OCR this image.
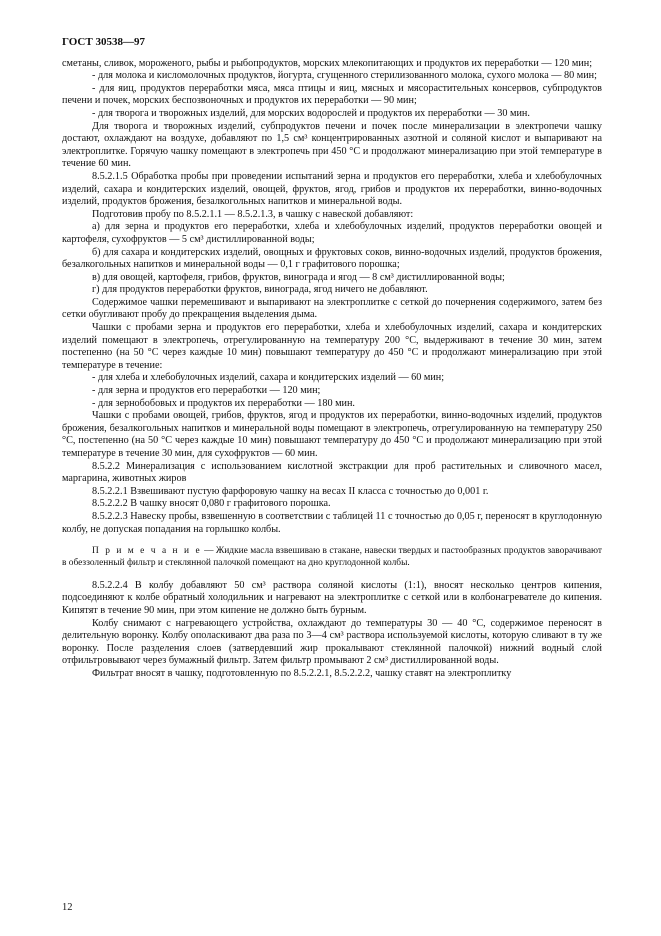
ГОСТ 30538—97

сметаны, сливок, мороженого, рыбы и рыбопродуктов, морских млекопитающих и продуктов их переработки — 120 мин;

- для молока и кисломолочных продуктов, йогурта, сгущенного стерилизованного молока, сухого молока — 80 мин;

- для яиц, продуктов переработки мяса, мяса птицы и яиц, мясных и мясорастительных консервов, субпродуктов печени и почек, морских беспозвоночных и продуктов их переработки — 90 мин;

- для творога и творожных изделий, для морских водорослей и продуктов их переработки — 30 мин.

Для творога и творожных изделий, субпродуктов печени и почек после минерализации в электропечи чашку достают, охлаждают на воздухе, добавляют по 1,5 см³ концентрированных азотной и соляной кислот и выпаривают на электроплитке. Горячую чашку помещают в электропечь при 450 °С и продолжают минерализацию при этой температуре в течение 60 мин.

8.5.2.1.5 Обработка пробы при проведении испытаний зерна и продуктов его переработки, хлеба и хлебобулочных изделий, сахара и кондитерских изделий, овощей, фруктов, ягод, грибов и продуктов их переработки, винно-водочных изделий, продуктов брожения, безалкогольных напитков и минеральной воды.

Подготовив пробу по 8.5.2.1.1 — 8.5.2.1.3, в чашку с навеской добавляют:

а) для зерна и продуктов его переработки, хлеба и хлебобулочных изделий, продуктов переработки овощей и картофеля, сухофруктов — 5 см³ дистиллированной воды;

б) для сахара и кондитерских изделий, овощных и фруктовых соков, винно-водочных изделий, продуктов брожения, безалкогольных напитков и минеральной воды — 0,1 г графитового порошка;

в) для овощей, картофеля, грибов, фруктов, винограда и ягод — 8 см³ дистиллированной воды;

г) для продуктов переработки фруктов, винограда, ягод ничего не добавляют.

Содержимое чашки перемешивают и выпаривают на электроплитке с сеткой до почернения содержимого, затем без сетки обугливают пробу до прекращения выделения дыма.

Чашки с пробами зерна и продуктов его переработки, хлеба и хлебобулочных изделий, сахара и кондитерских изделий помещают в электропечь, отрегулированную на температуру 200 °С, выдерживают в течение 30 мин, затем постепенно (на 50 °С через каждые 10 мин) повышают температуру до 450 °С и продолжают минерализацию при этой температуре в течение:

- для хлеба и хлебобулочных изделий, сахара и кондитерских изделий — 60 мин;

- для зерна и продуктов его переработки — 120 мин;

- для зернобобовых и продуктов их переработки — 180 мин.

Чашки с пробами овощей, грибов, фруктов, ягод и продуктов их переработки, винно-водочных изделий, продуктов брожения, безалкогольных напитков и минеральной воды помещают в электропечь, отрегулированную на температуру 250 °С, постепенно (на 50 °С через каждые 10 мин) повышают температуру до 450 °С и продолжают минерализацию при этой температуре в течение 30 мин, для сухофруктов — 60 мин.

8.5.2.2 Минерализация с использованием кислотной экстракции для проб растительных и сливочного масел, маргарина, животных жиров

8.5.2.2.1 Взвешивают пустую фарфоровую чашку на весах II класса с точностью до 0,001 г.

8.5.2.2.2 В чашку вносят 0,080 г графитового порошка.

8.5.2.2.3 Навеску пробы, взвешенную в соответствии с таблицей 11 с точностью до 0,05 г, переносят в круглодонную колбу, не допуская попадания на горлышко колбы.

П р и м е ч а н и е — Жидкие масла взвешиваю в стакане, навески твердых и пастообразных продуктов заворачивают в обеззоленный фильтр и стеклянной палочкой помещают на дно круглодонной колбы.

8.5.2.2.4 В колбу добавляют 50 см³ раствора соляной кислоты (1:1), вносят несколько центров кипения, подсоединяют к колбе обратный холодильник и нагревают на электроплитке с сеткой или в колбонагревателе до кипения. Кипятят в течение 90 мин, при этом кипение не должно быть бурным.

Колбу снимают с нагревающего устройства, охлаждают до температуры 30 — 40 °С, содержимое переносят в делительную воронку. Колбу ополаскивают два раза по 3—4 см³ раствора используемой кислоты, которую сливают в ту же воронку. После разделения слоев (затвердевший жир прокалывают стеклянной палочкой) нижний водный слой отфильтровывают через бумажный фильтр. Затем фильтр промывают 2 см³ дистиллированной воды.

Фильтрат вносят в чашку, подготовленную по 8.5.2.2.1, 8.5.2.2.2, чашку ставят на электроплитку

12
